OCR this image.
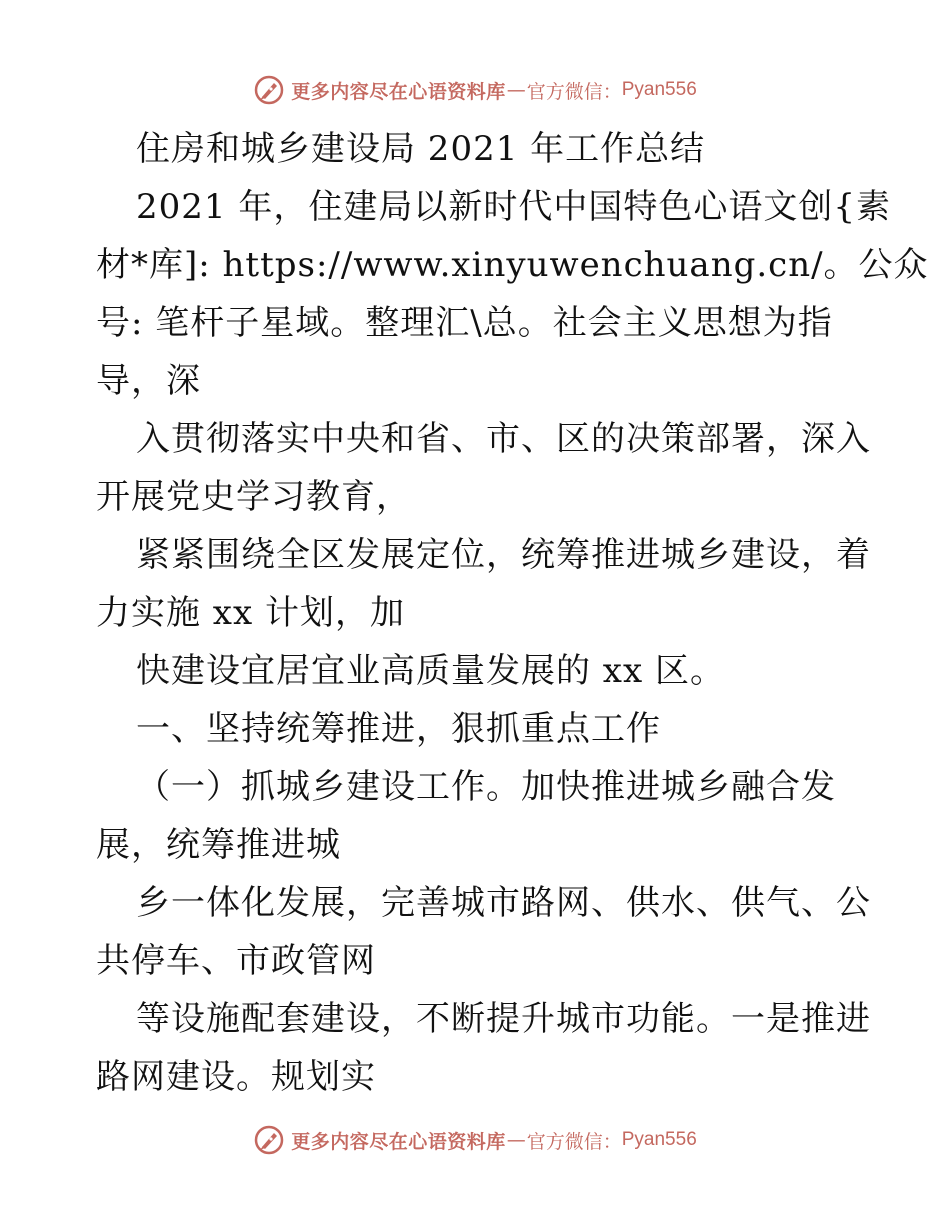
更多内容尽在心语资料库 — 官方微信： Pyan556
住房和城乡建设局 2021 年工作总结
2021 年，住建局以新时代中国特色心语文创{素
材*库]: https://www.xinyuwenchuang.cn/。公众
号: 笔杆子星域。整理汇\总。社会主义思想为指
导，深
入贯彻落实中央和省、市、区的决策部署，深入
开展党史学习教育，
紧紧围绕全区发展定位，统筹推进城乡建设，着
力实施 xx 计划，加
快建设宜居宜业高质量发展的 xx 区。
一、坚持统筹推进，狠抓重点工作
（一）抓城乡建设工作。加快推进城乡融合发
展，统筹推进城
乡一体化发展，完善城市路网、供水、供气、公
共停车、市政管网
等设施配套建设，不断提升城市功能。一是推进
路网建设。规划实
更多内容尽在心语资料库 — 官方微信： Pyan556
